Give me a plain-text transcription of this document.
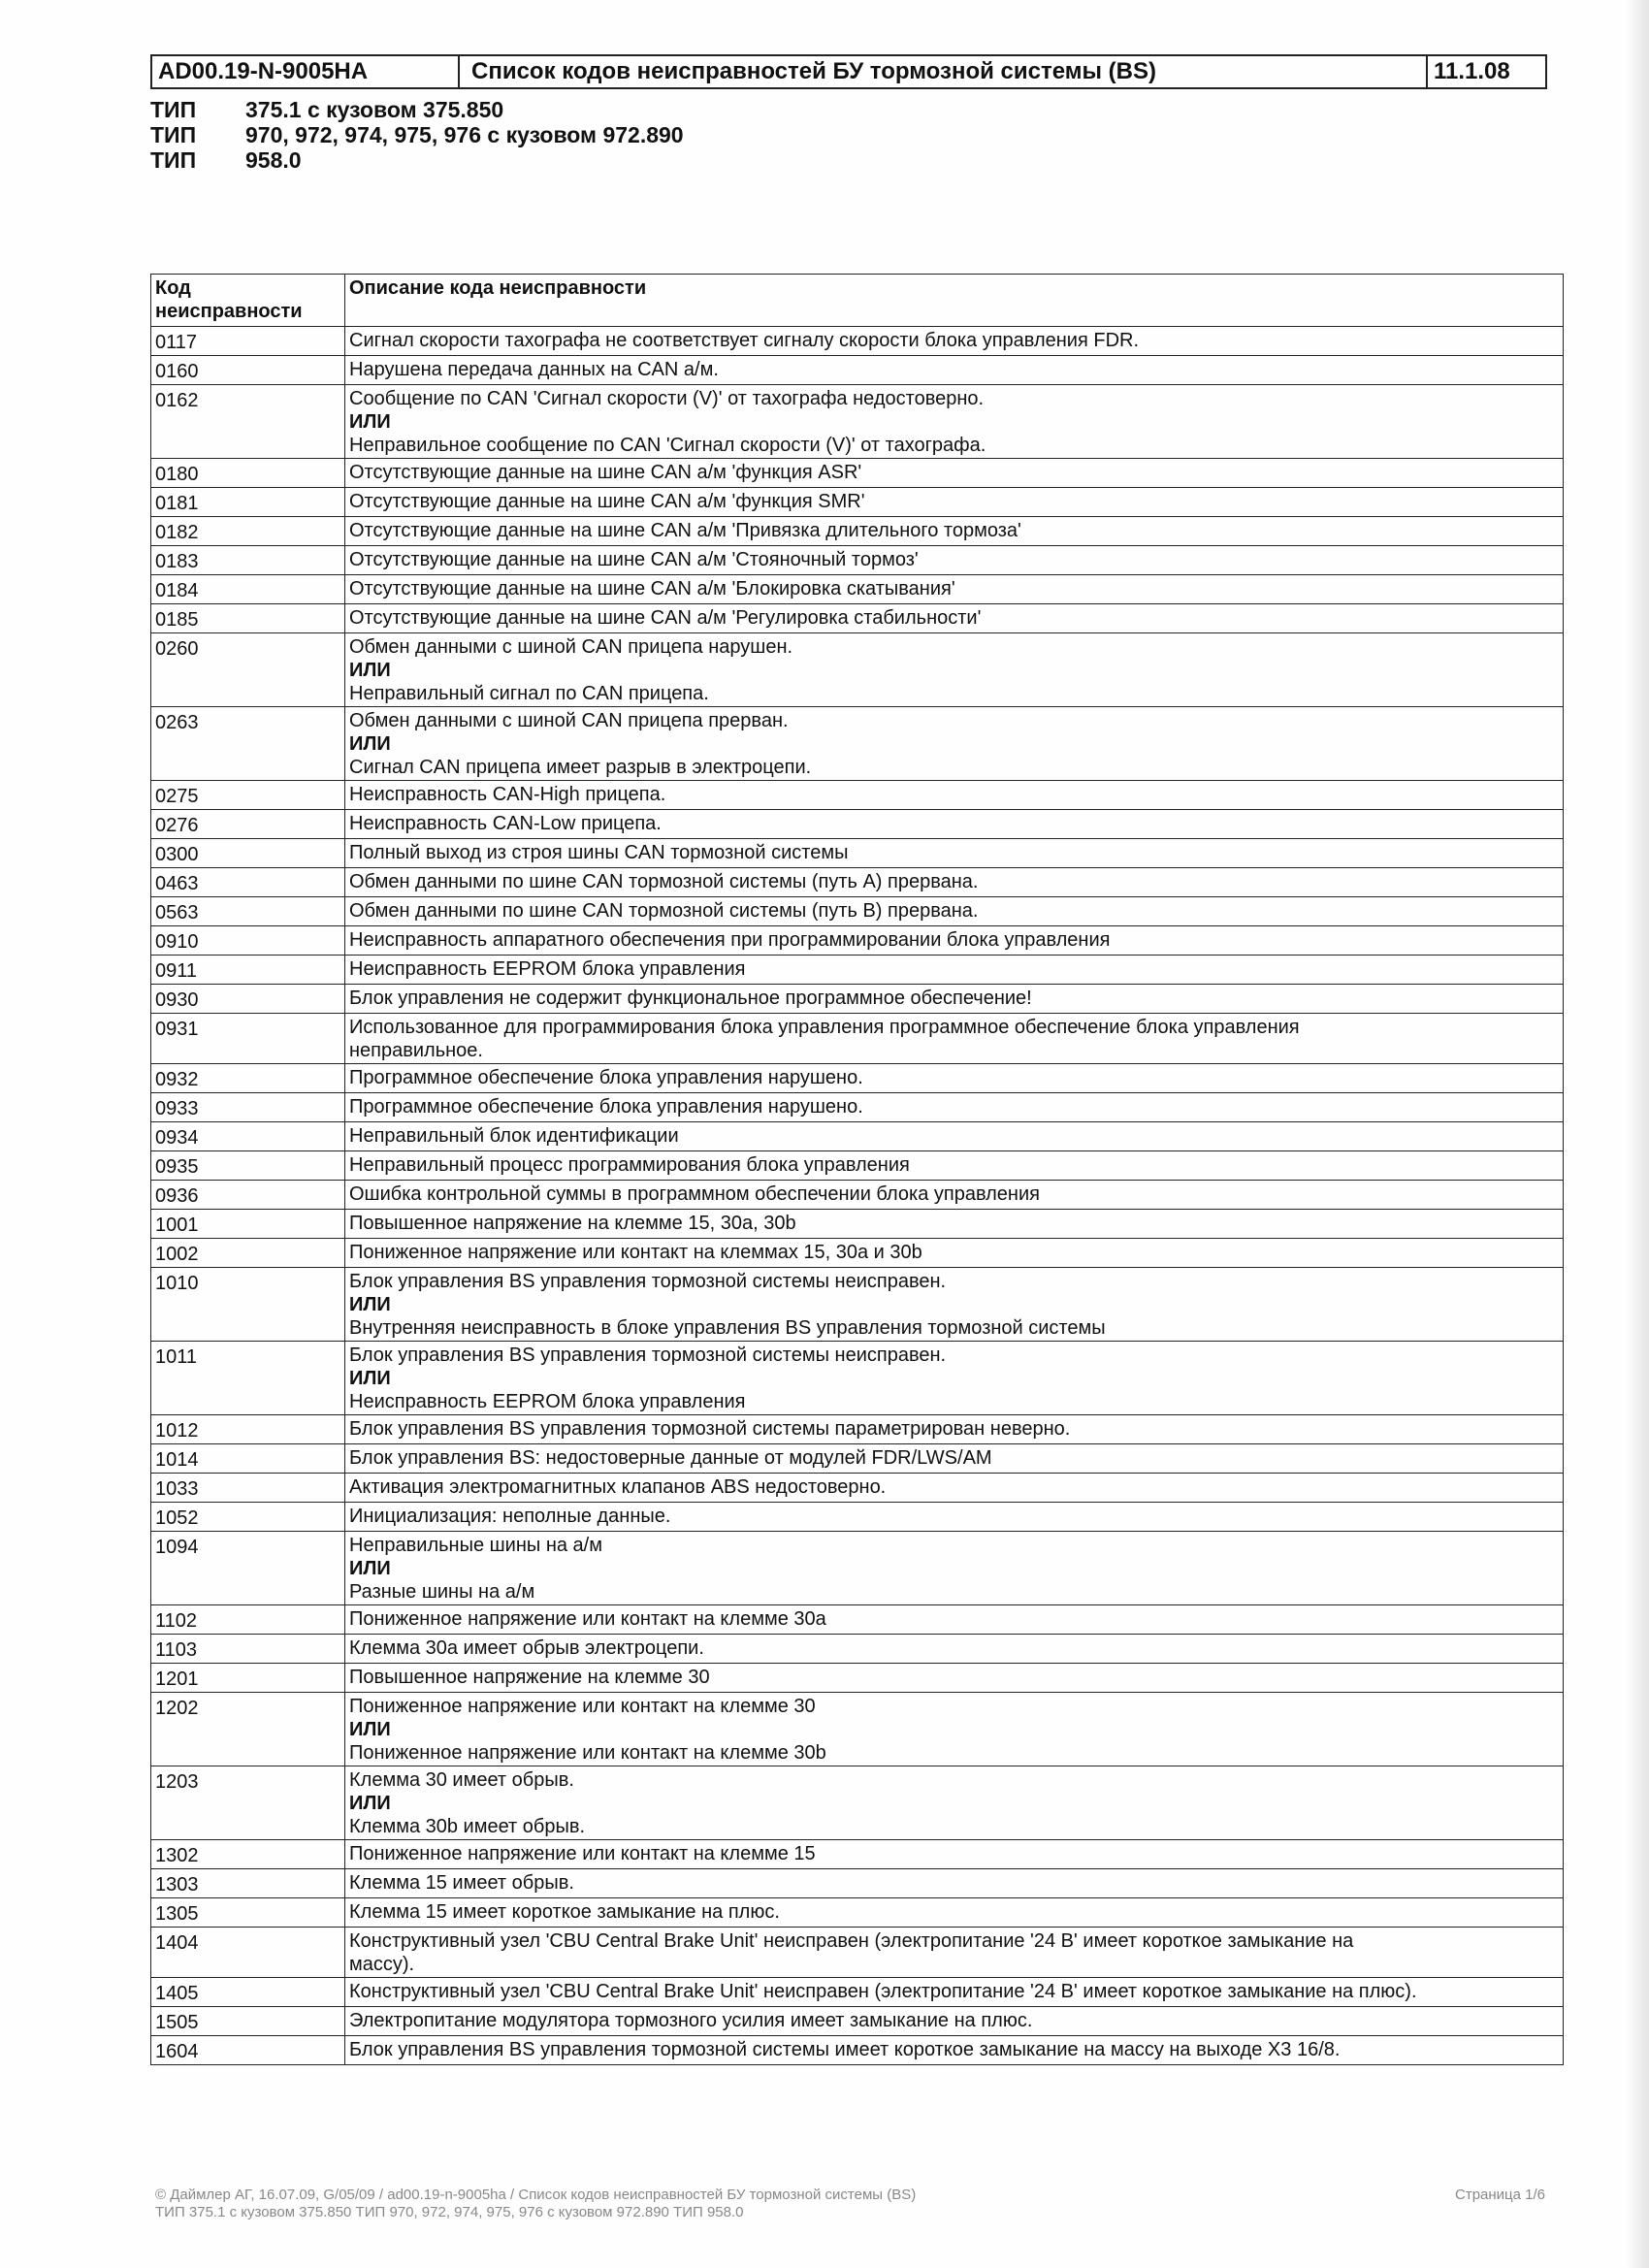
AD00.19-N-9005HA	Список кодов неисправностей БУ тормозной системы (BS)	11.1.08
ТИП	375.1 с кузовом 375.850
ТИП	970, 972, 974, 975, 976 с кузовом 972.890
ТИП	958.0
Код неисправности	Описание кода неисправности
0117	Сигнал скорости тахографа не соответствует сигналу скорости блока управления FDR.

0160	Нарушена передача данных на CAN а/м.

0162	Сообщение по CAN 'Сигнал скорости (V)' от тахографа недостоверно.
ИЛИ
Неправильное сообщение по CAN 'Сигнал скорости (V)' от тахографа.

0180	Отсутствующие данные на шине CAN а/м 'функция ASR'

0181	Отсутствующие данные на шине CAN а/м 'функция SMR'

0182	Отсутствующие данные на шине CAN а/м 'Привязка длительного тормоза'

0183	Отсутствующие данные на шине CAN а/м 'Стояночный тормоз'

0184	Отсутствующие данные на шине CAN а/м 'Блокировка скатывания'

0185	Отсутствующие данные на шине CAN а/м 'Регулировка стабильности'

0260	Обмен данными с шиной CAN прицепа нарушен.
ИЛИ
Неправильный сигнал по CAN прицепа.

0263	Обмен данными с шиной CAN прицепа прерван.
ИЛИ
Сигнал CAN прицепа имеет разрыв в электроцепи.

0275	Неисправность CAN-High прицепа.

0276	Неисправность CAN-Low прицепа.

0300	Полный выход из строя шины CAN тормозной системы

0463	Обмен данными по шине CAN тормозной системы (путь A) прервана.

0563	Обмен данными по шине CAN тормозной системы (путь B) прервана.

0910	Неисправность аппаратного обеспечения при программировании блока управления

0911	Неисправность EEPROM блока управления

0930	Блок управления не содержит функциональное программное обеспечение!

0931	Использованное для программирования блока управления программное обеспечение блока управления
неправильное.

0932	Программное обеспечение блока управления нарушено.

0933	Программное обеспечение блока управления нарушено.

0934	Неправильный блок идентификации

0935	Неправильный процесс программирования блока управления

0936	Ошибка контрольной суммы в программном обеспечении блока управления

1001	Повышенное напряжение на клемме 15, 30a, 30b

1002	Пониженное напряжение или контакт на клеммах 15, 30a и 30b

1010	Блок управления BS управления тормозной системы неисправен.
ИЛИ
Внутренняя неисправность в блоке управления BS управления тормозной системы

1011	Блок управления BS управления тормозной системы неисправен.
ИЛИ
Неисправность EEPROM блока управления

1012	Блок управления BS управления тормозной системы параметрирован неверно.

1014	Блок управления BS: недостоверные данные от модулей FDR/LWS/AM

1033	Активация электромагнитных клапанов ABS недостоверно.

1052	Инициализация: неполные данные.

1094	Неправильные шины на а/м
ИЛИ
Разные шины на а/м

1102	Пониженное напряжение или контакт на клемме 30a

1103	Клемма 30a имеет обрыв электроцепи.

1201	Повышенное напряжение на клемме 30

1202	Пониженное напряжение или контакт на клемме 30
ИЛИ
Пониженное напряжение или контакт на клемме 30b

1203	Клемма 30 имеет обрыв.
ИЛИ
Клемма 30b имеет обрыв.

1302	Пониженное напряжение или контакт на клемме 15

1303	Клемма 15 имеет обрыв.

1305	Клемма 15 имеет короткое замыкание на плюс.

1404	Конструктивный узел 'CBU Central Brake Unit' неисправен (электропитание '24 В' имеет короткое замыкание на
массу).

1405	Конструктивный узел 'CBU Central Brake Unit' неисправен (электропитание '24 В' имеет короткое замыкание на плюс).

1505	Электропитание модулятора тормозного усилия имеет замыкание на плюс.

1604	Блок управления BS управления тормозной системы имеет короткое замыкание на массу на выходе X3 16/8.
© Даймлер АГ, 16.07.09, G/05/09 / ad00.19-n-9005ha / Список кодов неисправностей БУ тормозной системы (BS)
ТИП 375.1 с кузовом 375.850 ТИП 970, 972, 974, 975, 976 с кузовом 972.890 ТИП 958.0
Страница 1/6
